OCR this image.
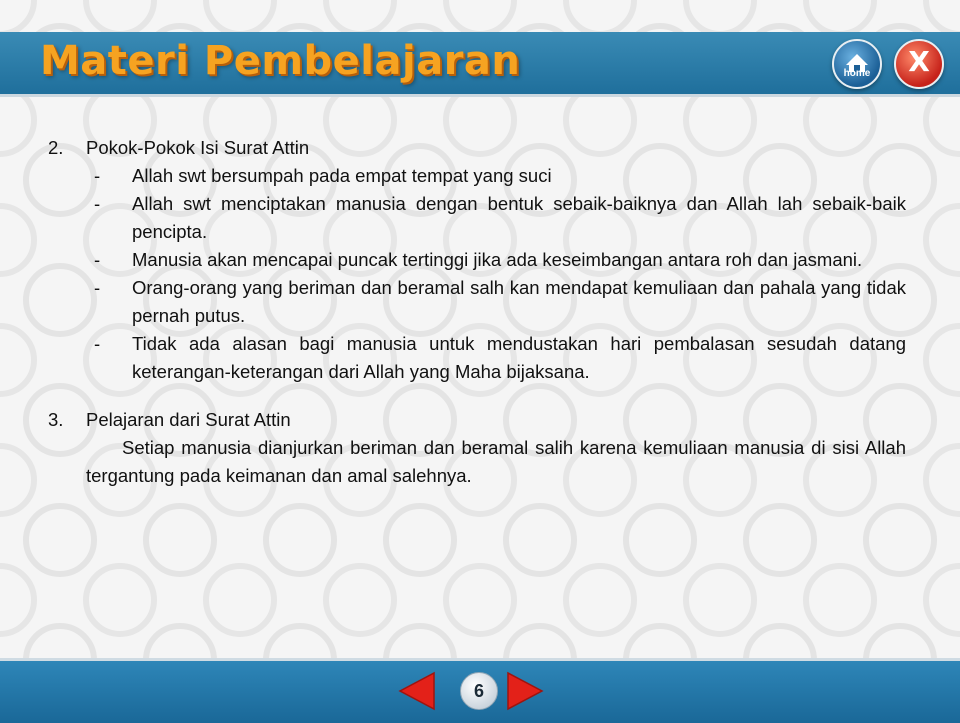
Materi Pembelajaran	home	X
2.	Pokok-Pokok Isi Surat Attin
-	Allah swt bersumpah pada empat tempat yang suci
-	Allah swt menciptakan manusia dengan bentuk sebaik-baiknya dan Allah lah sebaik-baik pencipta.
-	Manusia akan mencapai puncak tertinggi jika ada keseimbangan antara roh dan jasmani.
-	Orang-orang yang beriman dan beramal salh kan mendapat kemuliaan dan pahala yang tidak pernah putus.
-	Tidak ada alasan bagi manusia untuk mendustakan hari pembalasan sesudah datang keterangan-keterangan dari Allah yang Maha bijaksana.
3.	Pelajaran dari Surat Attin
Setiap manusia dianjurkan beriman dan beramal salih karena kemuliaan manusia di sisi Allah tergantung pada keimanan dan amal salehnya.
6
